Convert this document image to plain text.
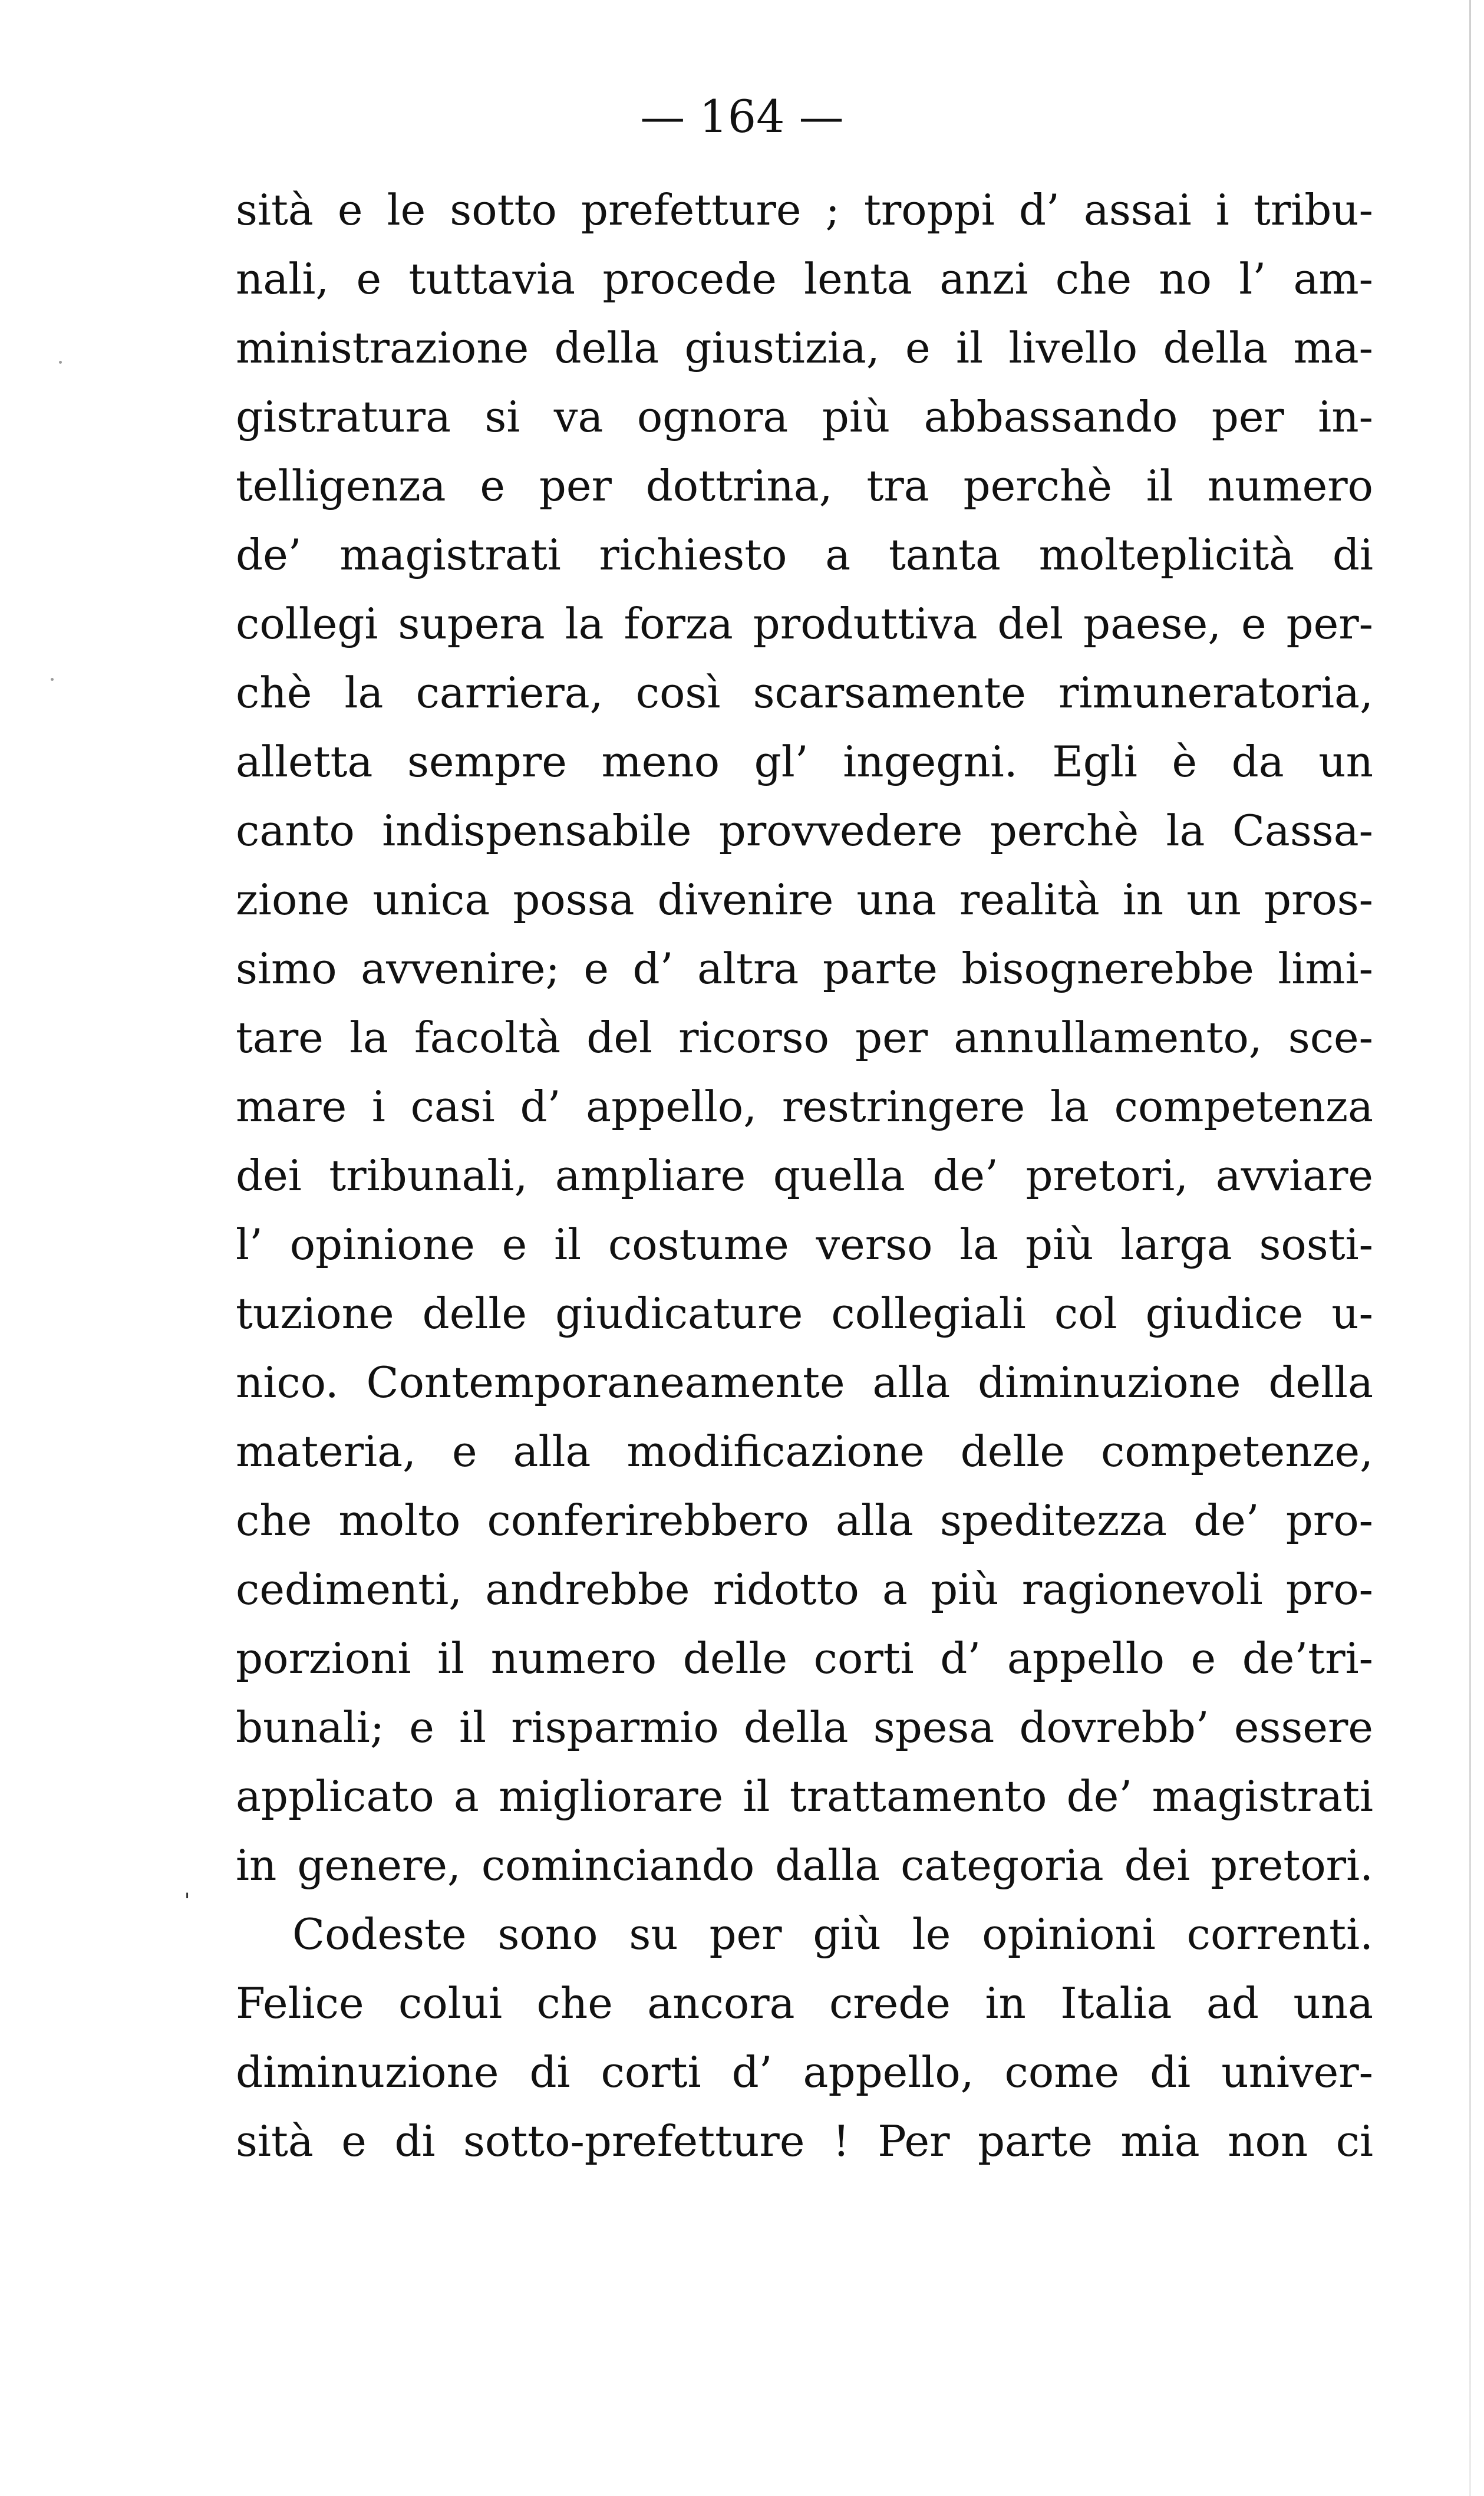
ˈ
— 164 —
sità e le sotto prefetture ; troppi d’ assai i tribu-
nali, e tuttavia procede lenta anzi che no l’ am-
ministrazione della giustizia, e il livello della ma-
gistratura si va ognora più abbassando per in-
telligenza e per dottrina, tra perchè il numero
de’ magistrati richiesto a tanta molteplicità di
collegi supera la forza produttiva del paese, e per-
chè la carriera, così scarsamente rimuneratoria,
alletta sempre meno gl’ ingegni. Egli è da un
canto indispensabile provvedere perchè la Cassa-
zione unica possa divenire una realità in un pros-
simo avvenire; e d’ altra parte bisognerebbe limi-
tare la facoltà del ricorso per annullamento, sce-
mare i casi d’ appello, restringere la competenza
dei tribunali, ampliare quella de’ pretori, avviare
l’ opinione e il costume verso la più larga sosti-
tuzione delle giudicature collegiali col giudice u-
nico. Contemporaneamente alla diminuzione della
materia, e alla modificazione delle competenze,
che molto conferirebbero alla speditezza de’ pro-
cedimenti, andrebbe ridotto a più ragionevoli pro-
porzioni il numero delle corti d’ appello e de’tri-
bunali; e il risparmio della spesa dovrebb’ essere
applicato a migliorare il trattamento de’ magistrati
in genere, cominciando dalla categoria dei pretori.
Codeste sono su per giù le opinioni correnti.
Felice colui che ancora crede in Italia ad una
diminuzione di corti d’ appello, come di univer-
sità e di sotto-prefetture ! Per parte mia non ci
